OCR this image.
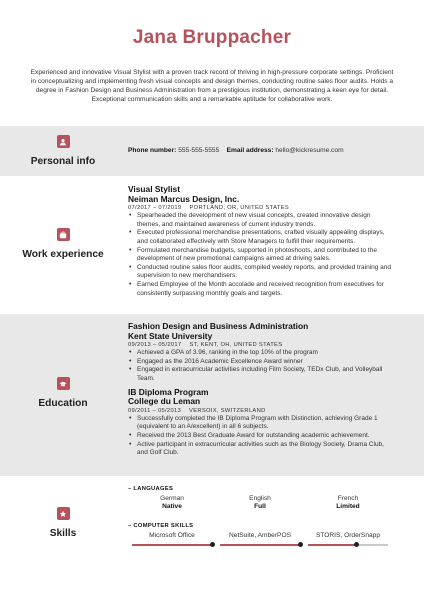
Jana Bruppacher
Experienced and innovative Visual Stylist with a proven track record of thriving in high-pressure corporate settings. Proficient in conceptualizing and implementing fresh visual concepts and design themes, conducting routine sales floor audits. Holds a degree in Fashion Design and Business Administration from a prestigious institution, demonstrating a keen eye for detail. Exceptional communication skills and a remarkable aptitude for collaborative work.
Personal info
Phone number: 555-555-5555 Email address: hello@kickresume.com
Work experience
Visual Stylist
Neiman Marcus Design, Inc.
07/2017 – 07/2019 PORTLAND, OR, UNITED STATES
• Spearheaded the development of new visual concepts, created innovative design themes, and maintained awareness of current industry trends.
• Executed professional merchandise presentations, crafted visually appealing displays, and collaborated effectively with Store Managers to fulfill their requirements.
• Formulated merchandise budgets, supported in photoshoots, and contributed to the development of new promotional campaigns aimed at driving sales.
• Conducted routine sales floor audits, compiled weekly reports, and provided training and supervision to new merchandisers.
• Earned Employee of the Month accolade and received recognition from executives for consistently surpassing monthly goals and targets.
Education
Fashion Design and Business Administration
Kent State University
09/2013 – 05/2017 ST, KENT, OH, UNITED STATES
• Achieved a GPA of 3.96, ranking in the top 10% of the program
• Engaged as the 2016 Academic Excellence Award winner
• Engaged in extracurricular activities including Film Society, TEDx Club, and Volleyball Team.
IB Diploma Program
College du Leman
09/2011 – 05/2013 VERSOIX, SWITZERLAND
• Successfully completed the IB Diploma Program with Distinction, achieving Grade 1 (equivalent to an A/excellent) in all 6 subjects.
• Received the 2013 Best Graduate Award for outstanding academic achievement.
• Active participant in extracurricular activities such as the Biology Society, Drama Club, and Golf Club.
Skills
– LANGUAGES
German
Native
English
Full
French
Limited
– COMPUTER SKILLS
Microsoft Office	NetSuite, AmberPOS	STORIS, OrderSnapp
